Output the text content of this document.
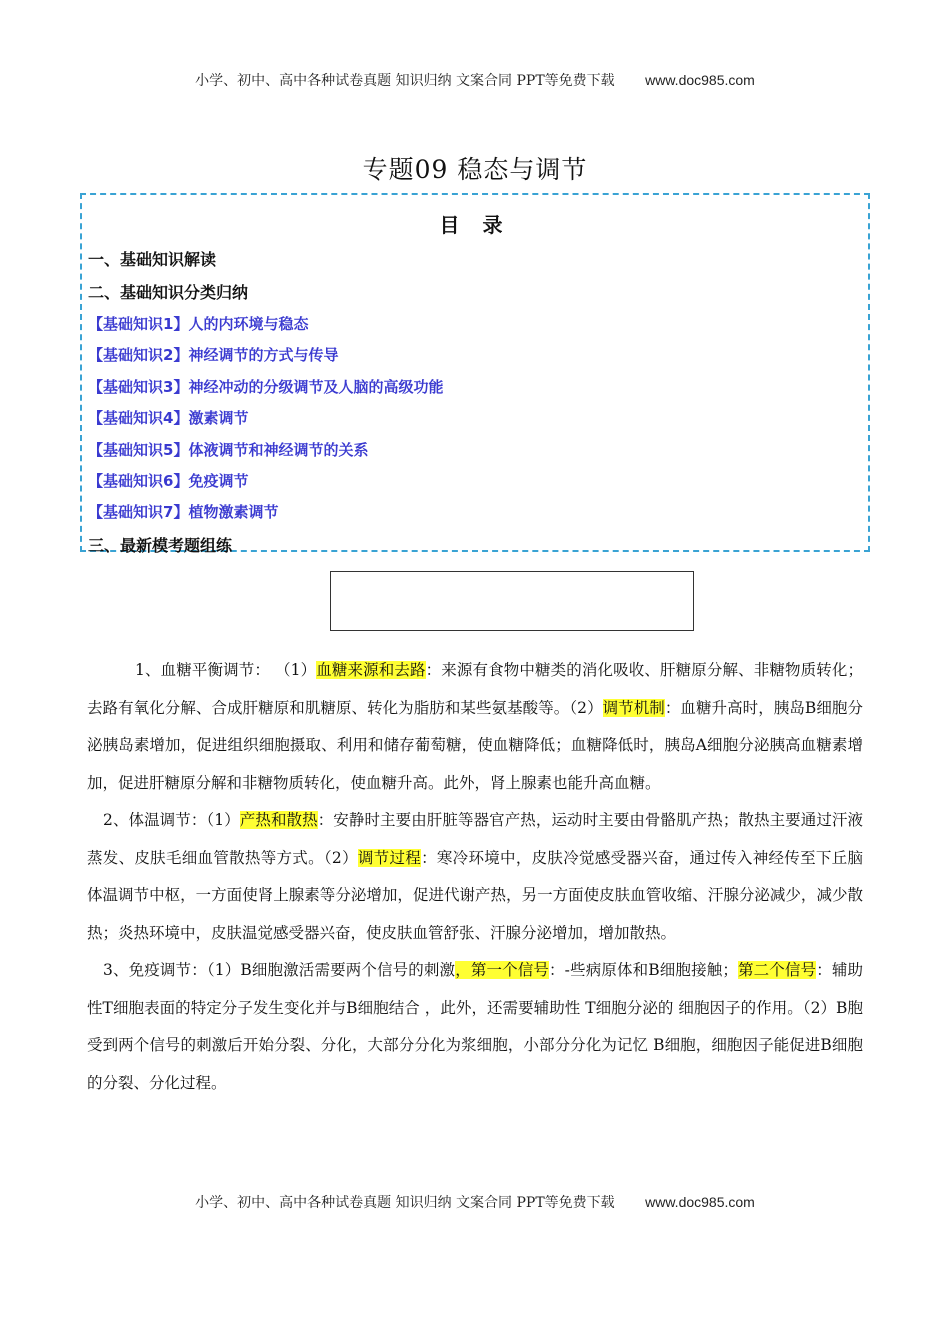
小学、初中、高中各种试卷真题 知识归纳 文案合同 PPT等免费下载 www.doc985.com
专题09 稳态与调节
目 录
一、基础知识解读
二、基础知识分类归纳
【基础知识1】人的内环境与稳态
【基础知识2】神经调节的方式与传导
【基础知识3】神经冲动的分级调节及人脑的高级功能
【基础知识4】激素调节
【基础知识5】体液调节和神经调节的关系
【基础知识6】免疫调节
【基础知识7】植物激素调节
三、最新模考题组练

1、血糖平衡调节： （1）血糖来源和去路：来源有食物中糖类的消化吸收、肝糖原分解、非糖物质转化；去路有氧化分解、合成肝糖原和肌糖原、转化为脂肪和某些氨基酸等。（2）调节机制：血糖升高时，胰岛B细胞分泌胰岛素增加，促进组织细胞摄取、利用和储存葡萄糖，使血糖降低；血糖降低时，胰岛A细胞分泌胰高血糖素增加，促进肝糖原分解和非糖物质转化，使血糖升高。此外，肾上腺素也能升高血糖。

2、体温调节：（1）产热和散热：安静时主要由肝脏等器官产热，运动时主要由骨骼肌产热；散热主要通过汗液蒸发、皮肤毛细血管散热等方式。（2）调节过程：寒冷环境中，皮肤冷觉感受器兴奋，通过传入神经传至下丘脑体温调节中枢，一方面使肾上腺素等分泌增加，促进代谢产热，另一方面使皮肤血管收缩、汗腺分泌减少，减少散热；炎热环境中，皮肤温觉感受器兴奋，使皮肤血管舒张、汗腺分泌增加，增加散热。

3、免疫调节：（1）B细胞激活需要两个信号的刺激，第一个信号：-些病原体和B细胞接触；第二个信号：辅助性T细胞表面的特定分子发生变化并与B细胞结合 ，此外，还需要辅助性 T细胞分泌的 细胞因子的作用。（2）B胞受到两个信号的刺激后开始分裂、分化，大部分分化为浆细胞，小部分分化为记忆 B细胞，细胞因子能促进B细胞的分裂、分化过程。

小学、初中、高中各种试卷真题 知识归纳 文案合同 PPT等免费下载 www.doc985.com
